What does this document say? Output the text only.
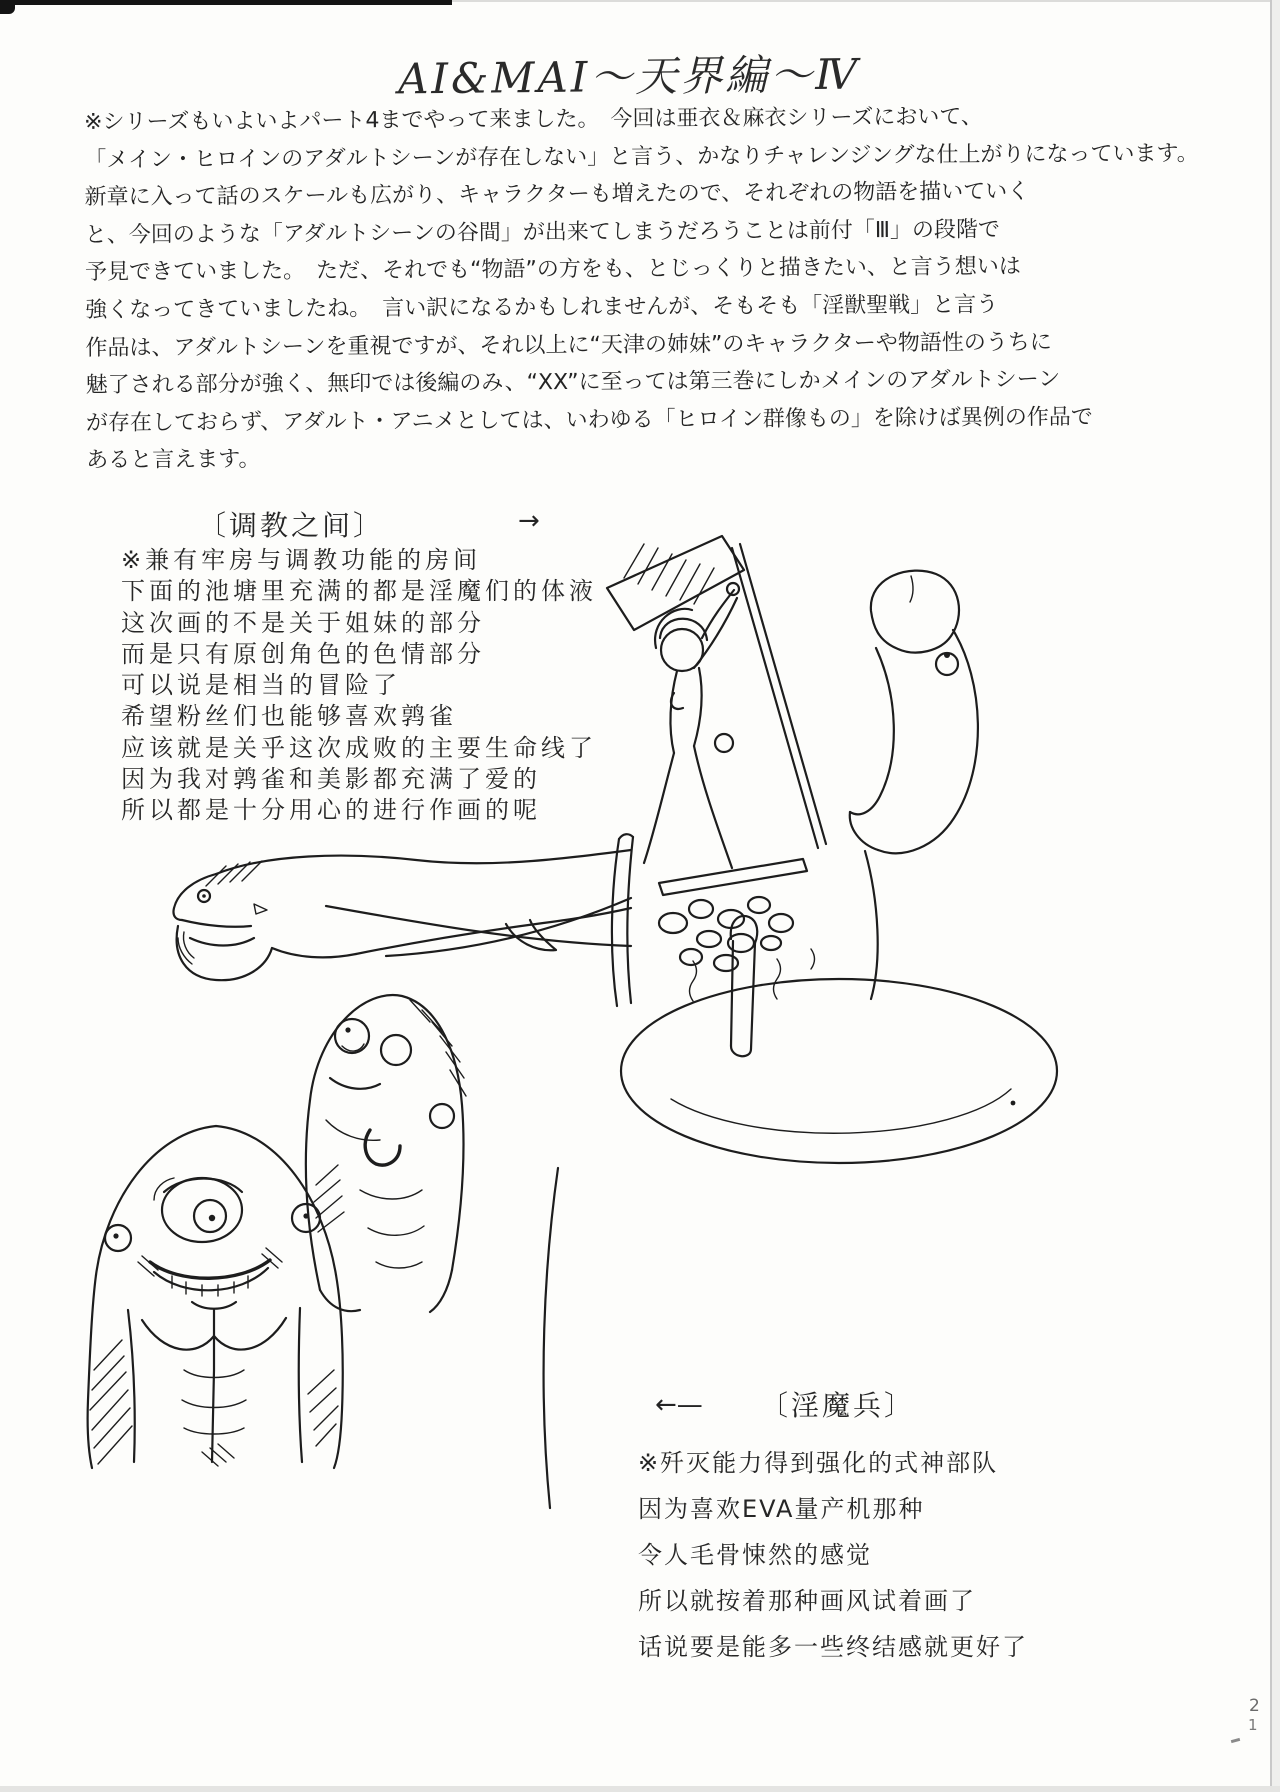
AI&MAI～天界編～Ⅳ
※シリーズもいよいよパート4までやって来ました。　今回は亜衣＆麻衣シリーズにおいて、
「メイン・ヒロインのアダルトシーンが存在しない」と言う、かなりチャレンジングな仕上がりになっています。
新章に入って話のスケールも広がり、キャラクターも増えたので、それぞれの物語を描いていく
と、今回のような「アダルトシーンの谷間」が出来てしまうだろうことは前付「Ⅲ」の段階で
予見できていました。　ただ、それでも“物語”の方をも、とじっくりと描きたい、と言う想いは
強くなってきていましたね。　言い訳になるかもしれませんが、そもそも「淫獣聖戦」と言う
作品は、アダルトシーンを重視ですが、それ以上に“天津の姉妹”のキャラクターや物語性のうちに
魅了される部分が強く、無印では後編のみ、“XX”に至っては第三巻にしかメインのアダルトシーン
が存在しておらず、アダルト・アニメとしては、いわゆる「ヒロイン群像もの」を除けば異例の作品で
あると言えます。
〔调教之间〕	→
※兼有牢房与调教功能的房间
下面的池塘里充满的都是淫魔们的体液
这次画的不是关于姐妹的部分
而是只有原创角色的色情部分
可以说是相当的冒险了
希望粉丝们也能够喜欢鹑雀
应该就是关乎这次成败的主要生命线了
因为我对鹑雀和美影都充满了爱的
所以都是十分用心的进行作画的呢
←— 〔淫魔兵〕
※歼灭能力得到强化的式神部队
因为喜欢EVA量产机那种
令人毛骨悚然的感觉
所以就按着那种画风试着画了
话说要是能多一些终结感就更好了
2
1
